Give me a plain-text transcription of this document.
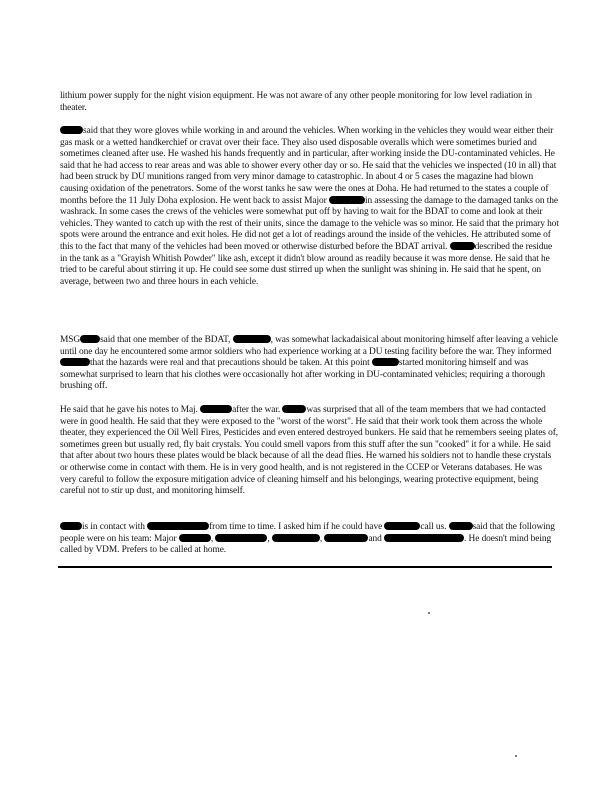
lithium power supply for the night vision equipment. He was not aware of any other people monitoring for low level radiation in theater.

said that they wore gloves while working in and around the vehicles. When working in the vehicles they would wear either their gas mask or a wetted handkerchief or cravat over their face. They also used disposable overalls which were sometimes buried and sometimes cleaned after use. He washed his hands frequently and in particular, after working inside the DU-contaminated vehicles. He said that he had access to rear areas and was able to shower every other day or so. He said that the vehicles we inspected (10 in all) that had been struck by DU munitions ranged from very minor damage to catastrophic. In about 4 or 5 cases the magazine had blown causing oxidation of the penetrators. Some of the worst tanks he saw were the ones at Doha. He had returned to the states a couple of months before the 11 July Doha explosion. He went back to assist Major	in assessing the damage to the damaged tanks on the washrack. In some cases the crews of the vehicles were somewhat put off by having to wait for the BDAT to come and look at their vehicles. They wanted to catch up with the rest of their units, since the damage to the vehicle was so minor. He said that the primary hot spots were around the entrance and exit holes. He did not get a lot of readings around the inside of the vehicles. He attributed some of this to the fact that many of the vehicles had been moved or otherwise disturbed before the BDAT arrival.	described the residue in the tank as a "Grayish Whitish Powder" like ash, except it didn't blow around as readily because it was more dense. He said that he tried to be careful about stirring it up. He could see some dust stirred up when the sunlight was shining in. He said that he spent, on average, between two and three hours in each vehicle.

MSG said that one member of the BDAT,	, was somewhat lackadaisical about monitoring himself after leaving a vehicle until one day he encountered some armor soldiers who had experience working at a DU testing facility before the war. They informed that the hazards were real and that precautions should be taken. At this point	started monitoring himself and was somewhat surprised to learn that his clothes were occasionally hot after working in DU-contaminated vehicles; requiring a thorough brushing off.

He said that he gave his notes to Maj.	after the war.	was surprised that all of the team members that we had contacted were in good health. He said that they were exposed to the "worst of the worst". He said that their work took them across the whole theater, they experienced the Oil Well Fires, Pesticides and even entered destroyed bunkers. He said that he remembers seeing plates of, sometimes green but usually red, fly bait crystals. You could smell vapors from this stuff after the sun "cooked" it for a while. He said that after about two hours these plates would be black because of all the dead flies. He warned his soldiers not to handle these crystals or otherwise come in contact with them. He is in very good health, and is not registered in the CCEP or Veterans databases. He was very careful to follow the exposure mitigation advice of cleaning himself and his belongings, wearing protective equipment, being careful not to stir up dust, and monitoring himself.

is in contact with	from time to time. I asked him if he could have	call us.	said that the following people were on his team: Major	,	,	,	and	. He doesn't mind being called by VDM. Prefers to be called at home.
